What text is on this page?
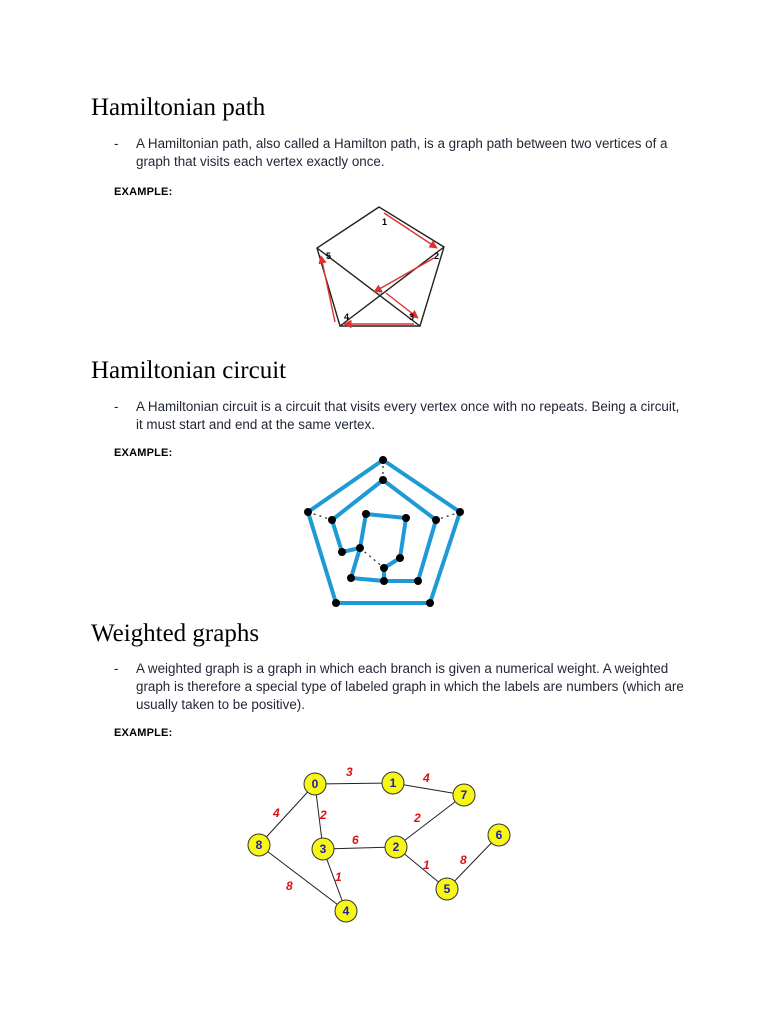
Hamiltonian path
- A Hamiltonian path, also called a Hamilton path, is a graph path between two vertices of a graph that visits each vertex exactly once.
EXAMPLE:
1
2
3
4
5
6
Hamiltonian circuit
- A Hamiltonian circuit is a circuit that visits every vertex once with no repeats. Being a circuit, it must start and end at the same vertex.
EXAMPLE:
Weighted graphs
- A weighted graph is a graph in which each branch is given a numerical weight. A weighted graph is therefore a special type of labeled graph in which the labels are numbers (which are usually taken to be positive).
EXAMPLE:
3	4
4	2	2
6
1	8
8
1
0	1
7
6
8	3	2
5
4
